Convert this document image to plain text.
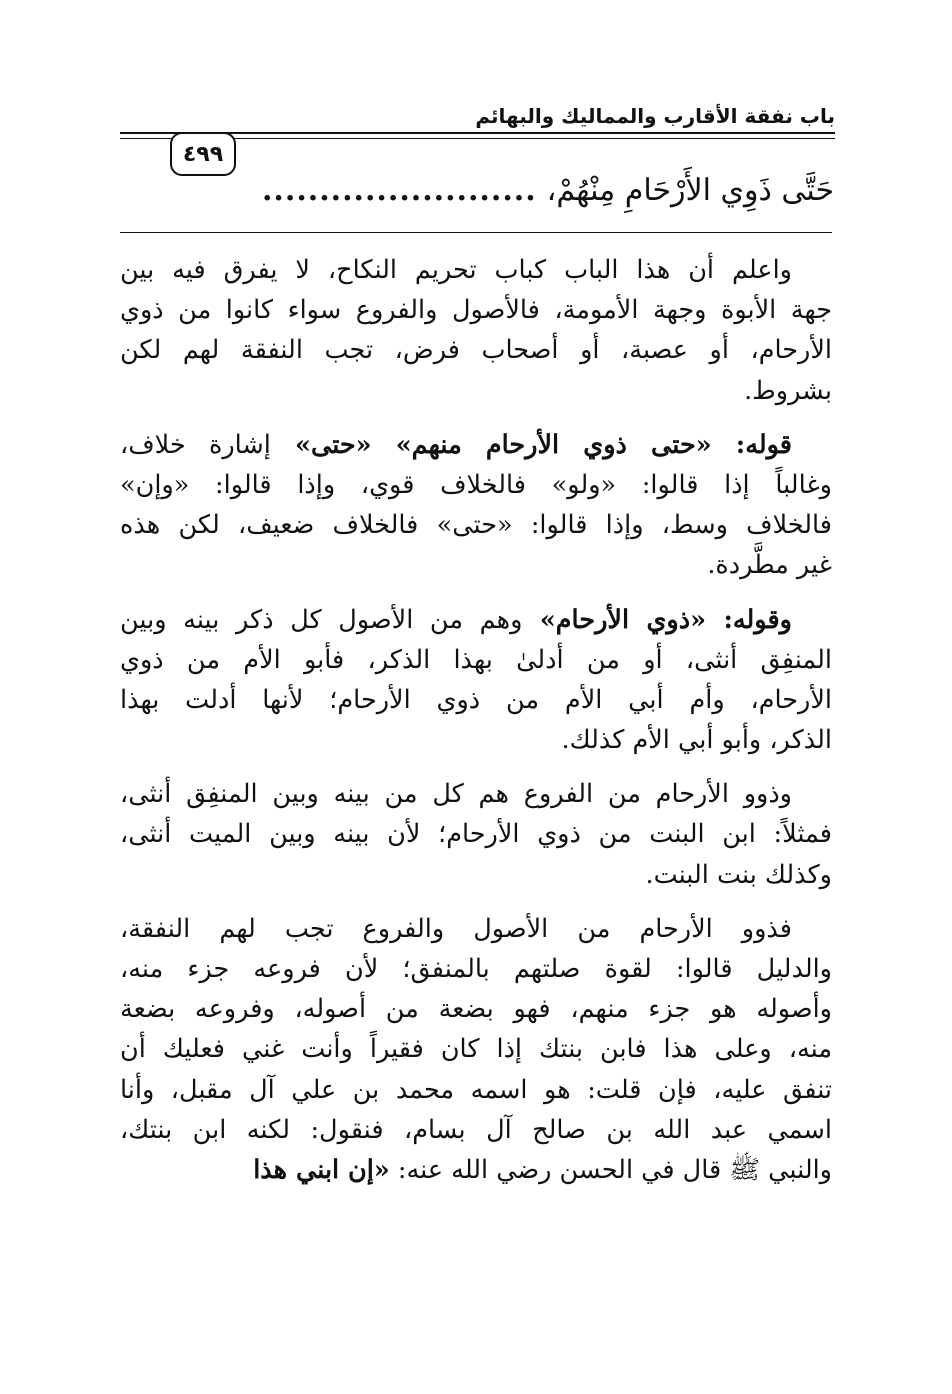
باب نفقة الأقارب والمماليك والبهائم
٤٩٩
حَتَّى ذَوِي الأَرْحَامِ مِنْهُمْ،
........................
واعلم أن هذا الباب كباب تحريم النكاح، لا يفرق فيه بين
جهة الأبوة وجهة الأمومة، فالأصول والفروع سواء كانوا من ذوي
الأرحام، أو عصبة، أو أصحاب فرض، تجب النفقة لهم لكن
بشروط.
قوله: «حتى ذوي الأرحام منهم» «حتى» إشارة خلاف،
وغالباً إذا قالوا: «ولو» فالخلاف قوي، وإذا قالوا: «وإن»
فالخلاف وسط، وإذا قالوا: «حتى» فالخلاف ضعيف، لكن هذه
غير مطَّردة.
وقوله: «ذوي الأرحام» وهم من الأصول كل ذكر بينه وبين
المنفِق أنثى، أو من أدلىٰ بهذا الذكر، فأبو الأم من ذوي
الأرحام، وأم أبي الأم من ذوي الأرحام؛ لأنها أدلت بهذا
الذكر، وأبو أبي الأم كذلك.
وذوو الأرحام من الفروع هم كل من بينه وبين المنفِق أنثى،
فمثلاً: ابن البنت من ذوي الأرحام؛ لأن بينه وبين الميت أنثى،
وكذلك بنت البنت.
فذوو الأرحام من الأصول والفروع تجب لهم النفقة،
والدليل قالوا: لقوة صلتهم بالمنفق؛ لأن فروعه جزء منه،
وأصوله هو جزء منهم، فهو بضعة من أصوله، وفروعه بضعة
منه، وعلى هذا فابن بنتك إذا كان فقيراً وأنت غني فعليك أن
تنفق عليه، فإن قلت: هو اسمه محمد بن علي آل مقبل، وأنا
اسمي عبد الله بن صالح آل بسام، فنقول: لكنه ابن بنتك،
والنبي ﷺ قال في الحسن رضي الله عنه: «إن ابني هذا
